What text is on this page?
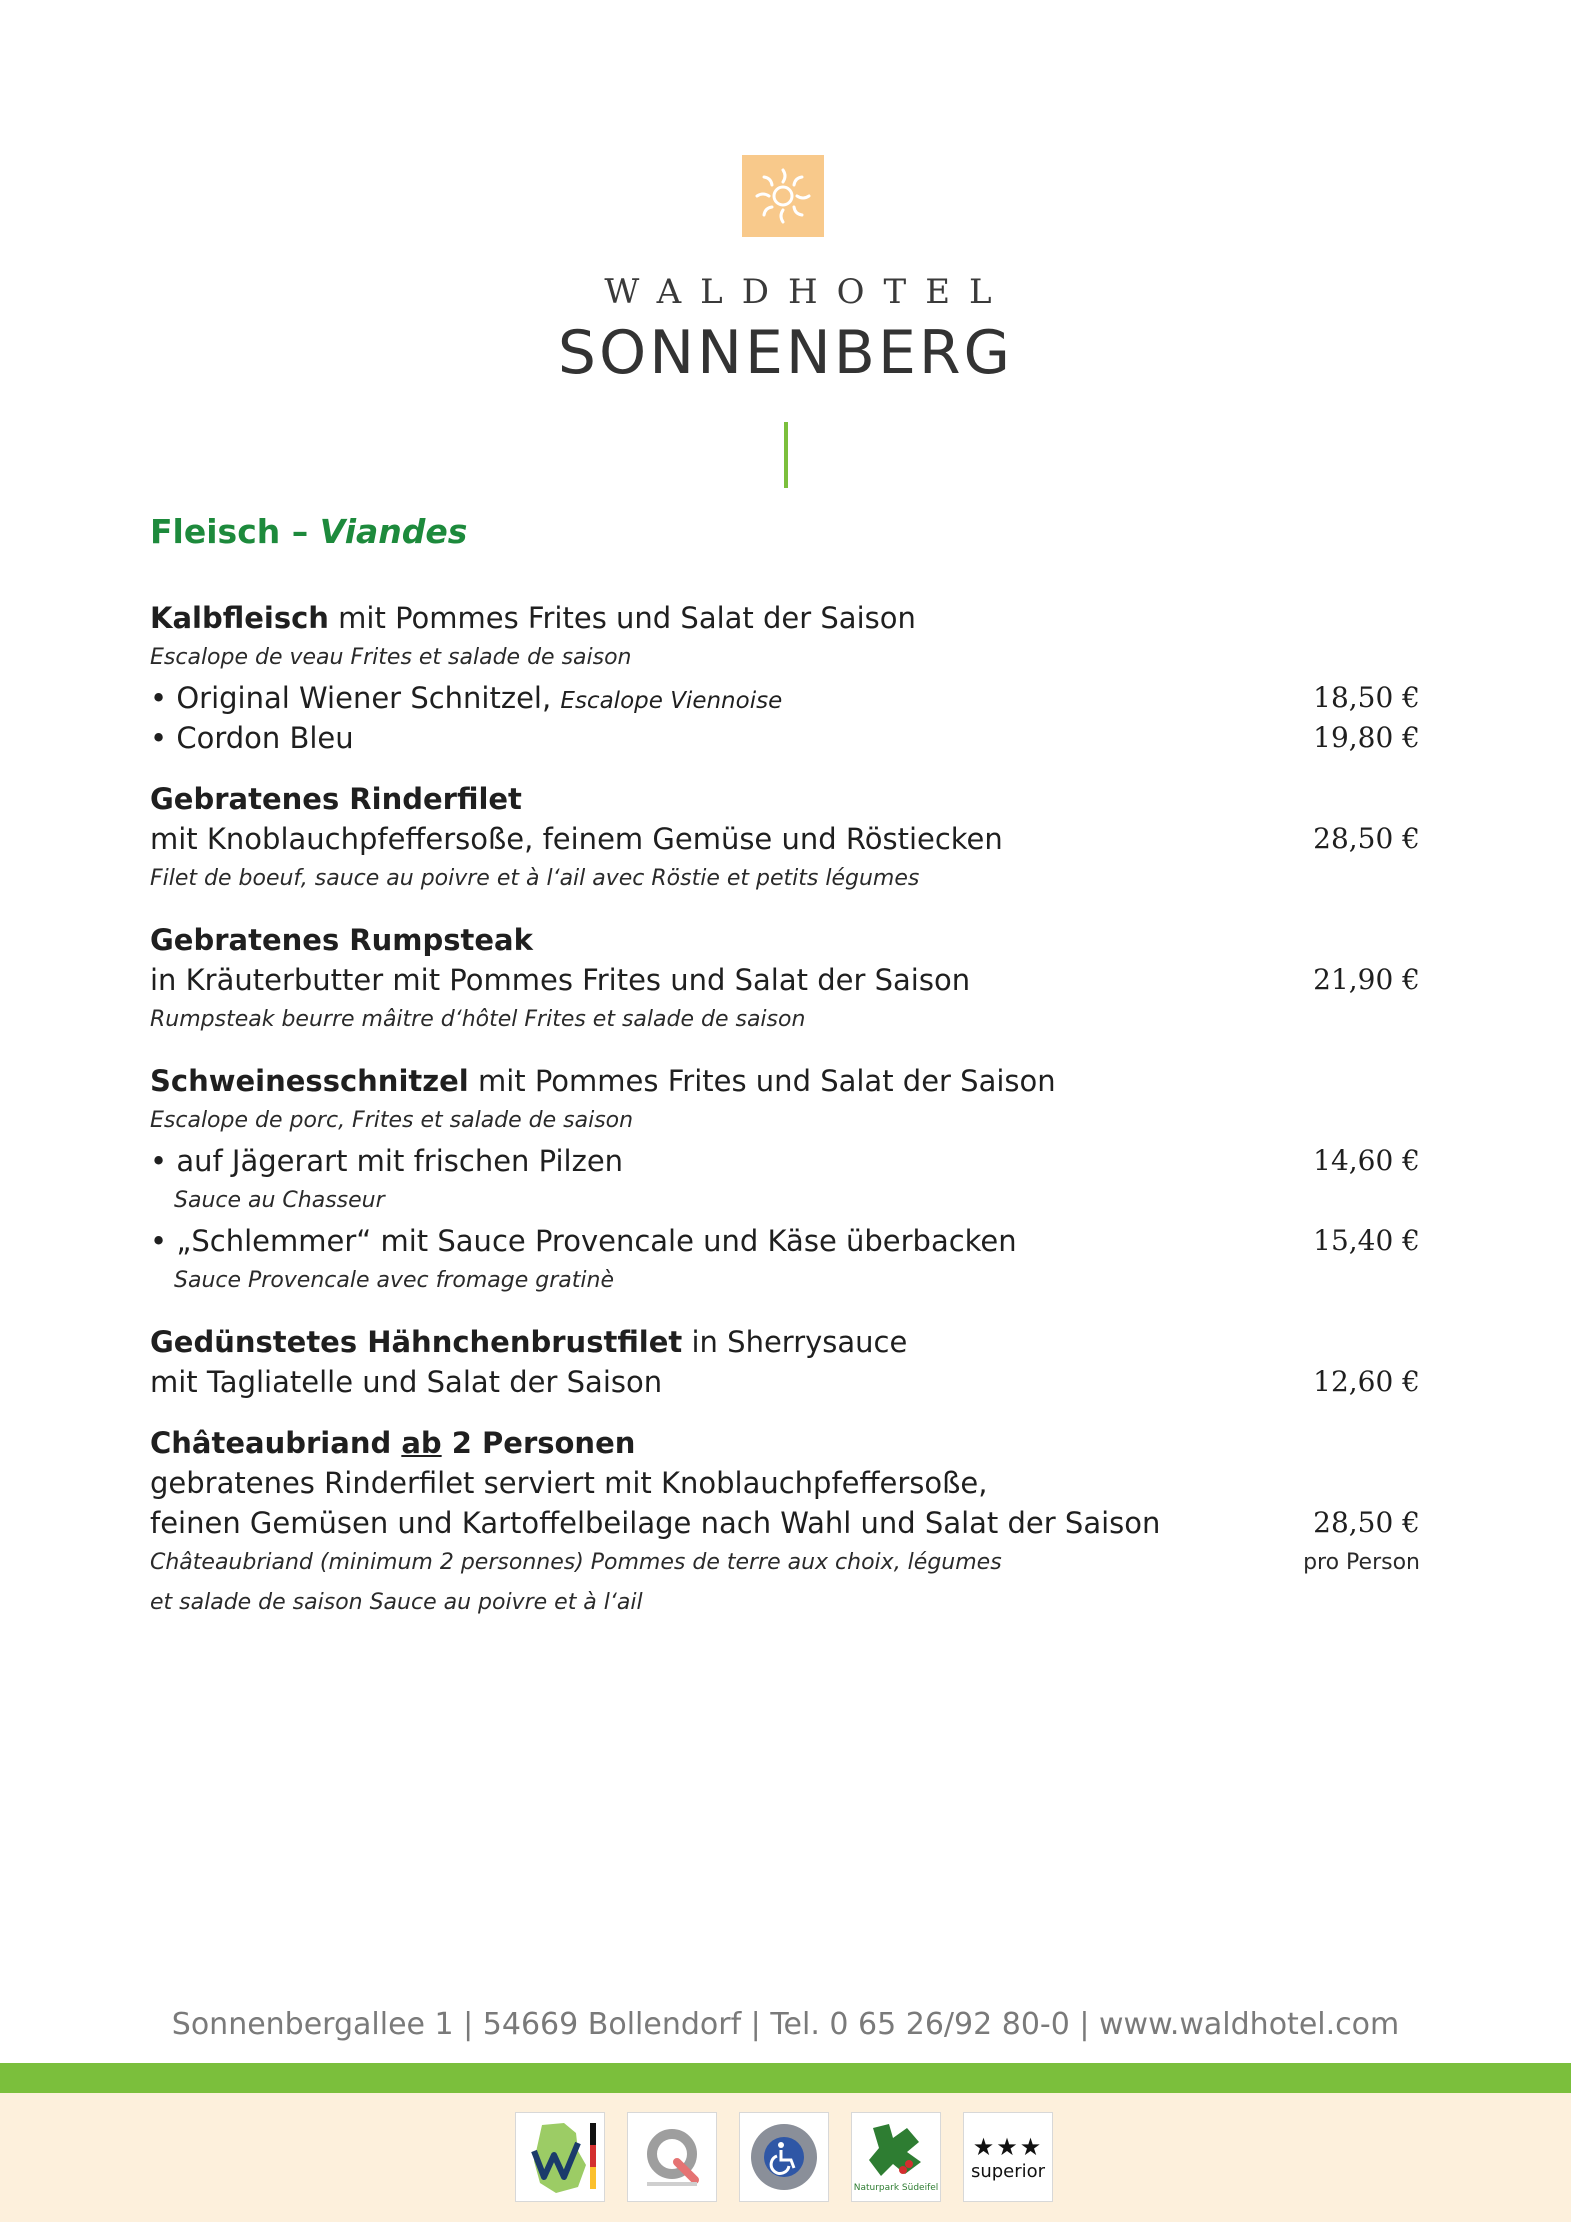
WALDHOTEL
SONNENBERG
Fleisch – Viandes
Kalbfleisch mit Pommes Frites und Salat der Saison
Escalope de veau Frites et salade de saison
• Original Wiener Schnitzel, Escalope Viennoise	18,50 €
• Cordon Bleu	19,80 €
Gebratenes Rinderfilet
mit Knoblauchpfeffersoße, feinem Gemüse und Röstiecken	28,50 €
Filet de boeuf, sauce au poivre et à l‘ail avec Röstie et petits légumes
Gebratenes Rumpsteak
in Kräuterbutter mit Pommes Frites und Salat der Saison	21,90 €
Rumpsteak beurre mâitre d‘hôtel Frites et salade de saison
Schweinesschnitzel mit Pommes Frites und Salat der Saison
Escalope de porc, Frites et salade de saison
• auf Jägerart mit frischen Pilzen	14,60 €
Sauce au Chasseur
• „Schlemmer“ mit Sauce Provencale und Käse überbacken	15,40 €
Sauce Provencale avec fromage gratinè
Gedünstetes Hähnchenbrustfilet in Sherrysauce
mit Tagliatelle und Salat der Saison	12,60 €
Châteaubriand ab 2 Personen
gebratenes Rinderfilet serviert mit Knoblauchpfeffersoße,
feinen Gemüsen und Kartoffelbeilage nach Wahl und Salat der Saison	28,50 €
Châteaubriand (minimum 2 personnes) Pommes de terre aux choix, légumes	pro Person
et salade de saison Sauce au poivre et à l‘ail
Sonnenbergallee 1 | 54669 Bollendorf | Tel. 0 65 26/92 80-0 | www.waldhotel.com
Naturpark Südeifel
★★★
superior
